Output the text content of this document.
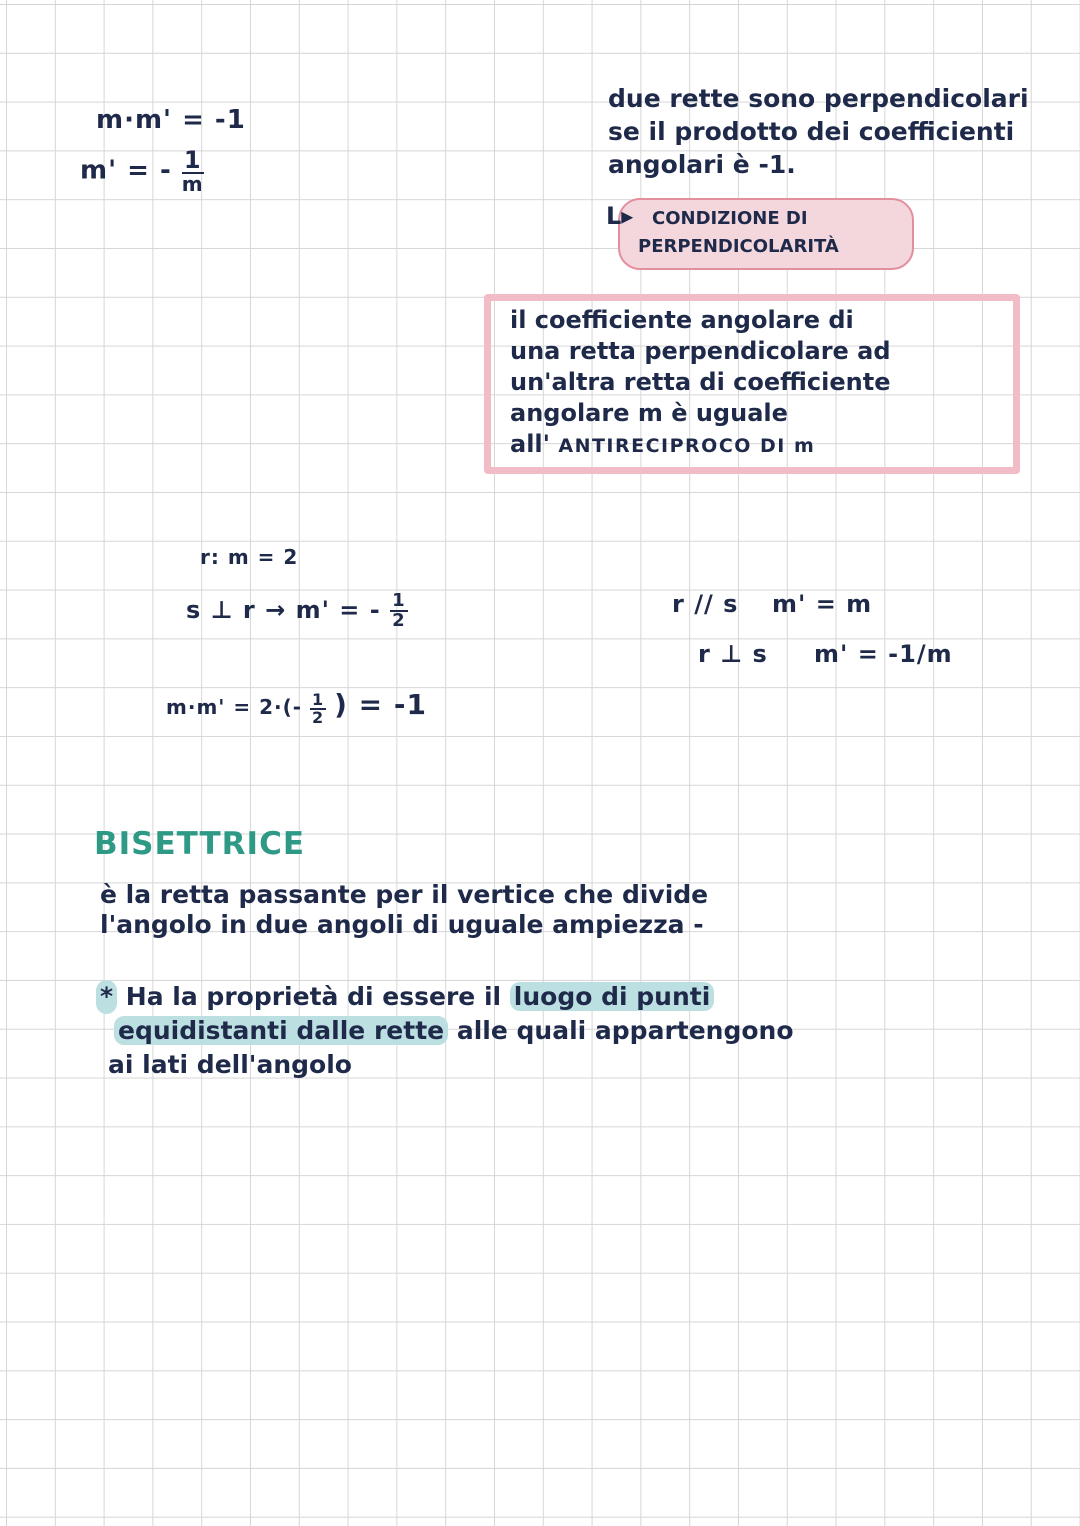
m·m' = -1
m' = - $\frac{1}{m}$
due rette sono perpendicolari
se il prodotto dei coefficienti
angolari è -1.
L▸	CONDIZIONE DI
PERPENDICOLARITÀ
il coefficiente angolare di
una retta perpendicolare ad
un'altra retta di coefficiente
angolare m è uguale
all' ANTIRECIPROCO DI m
r: m = 2
s ⊥ r → m' = - $\frac{1}{2}$
$m\cdot m' = 2\cdot(- \frac{1}{2}$ ) = -1
r // s m' = m
r ⊥ s m' = -1/m
BISETTRICE
è la retta passante per il vertice che divide
l'angolo in due angoli di uguale ampiezza -
* Ha la proprietà di essere il luogo di punti
equidistanti dalle rette alle quali appartengono
ai lati dell'angolo
